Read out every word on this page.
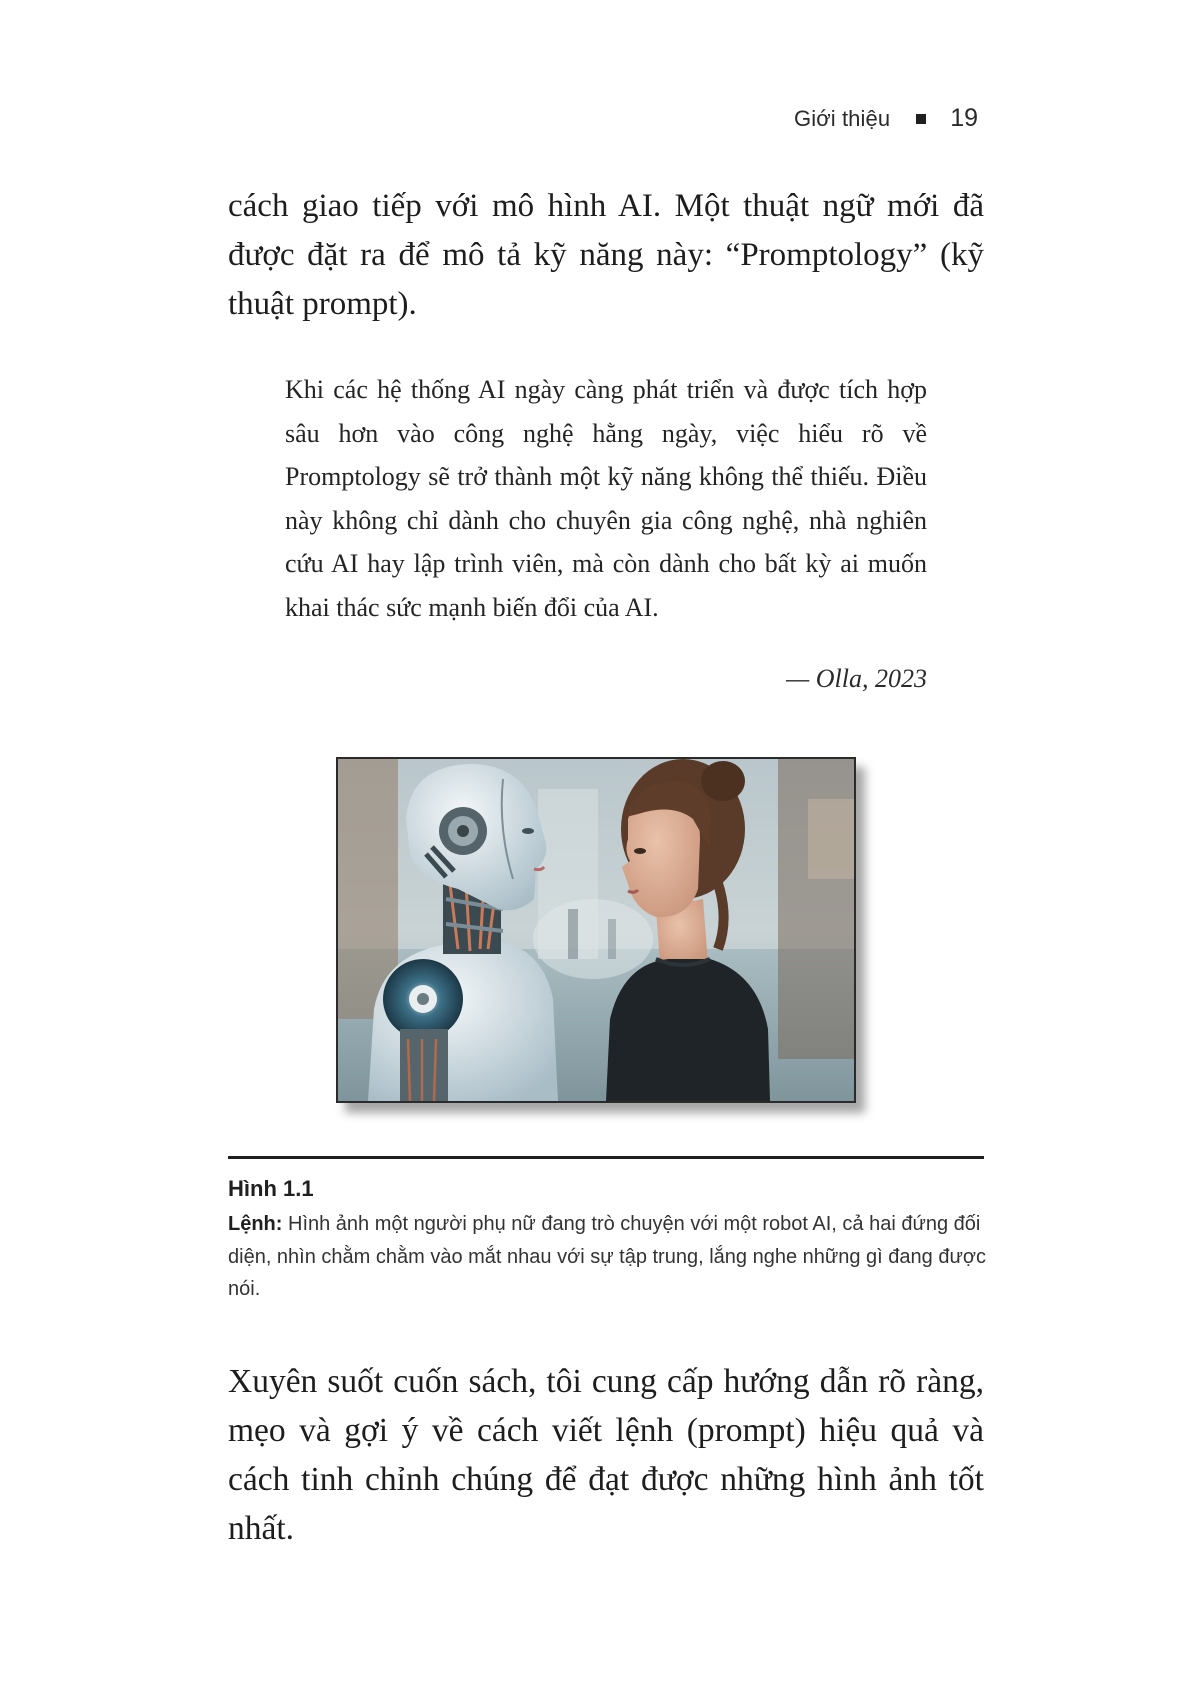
Giới thiệu 19

cách giao tiếp với mô hình AI. Một thuật ngữ mới đã được đặt ra để mô tả kỹ năng này: “Promptology” (kỹ thuật prompt).

Khi các hệ thống AI ngày càng phát triển và được tích hợp sâu hơn vào công nghệ hằng ngày, việc hiểu rõ về Promptology sẽ trở thành một kỹ năng không thể thiếu. Điều này không chỉ dành cho chuyên gia công nghệ, nhà nghiên cứu AI hay lập trình viên, mà còn dành cho bất kỳ ai muốn khai thác sức mạnh biến đổi của AI.

— Olla, 2023
Hình 1.1
Lệnh: Hình ảnh một người phụ nữ đang trò chuyện với một robot AI, cả hai đứng đối diện, nhìn chằm chằm vào mắt nhau với sự tập trung, lắng nghe những gì đang được nói.

Xuyên suốt cuốn sách, tôi cung cấp hướng dẫn rõ ràng, mẹo và gợi ý về cách viết lệnh (prompt) hiệu quả và cách tinh chỉnh chúng để đạt được những hình ảnh tốt nhất.
